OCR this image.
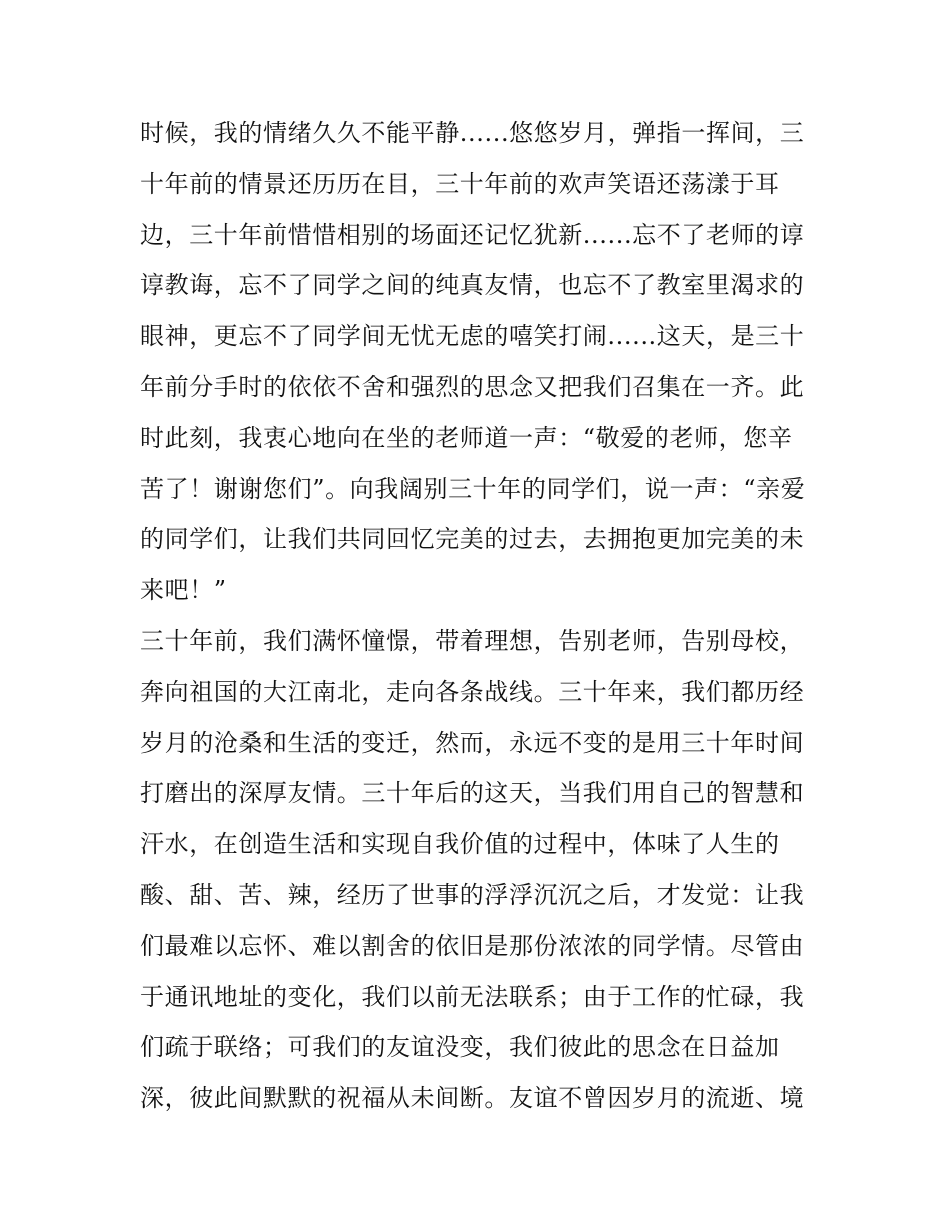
时候，我的情绪久久不能平静......悠悠岁月，弹指一挥间，三
十年前的情景还历历在目，三十年前的欢声笑语还荡漾于耳
边，三十年前惜惜相别的场面还记忆犹新......忘不了老师的谆
谆教诲，忘不了同学之间的纯真友情，也忘不了教室里渴求的
眼神，更忘不了同学间无忧无虑的嘻笑打闹......这天，是三十
年前分手时的依依不舍和强烈的思念又把我们召集在一齐。此
时此刻，我衷心地向在坐的老师道一声：“敬爱的老师，您辛
苦了！谢谢您们”。向我阔别三十年的同学们，说一声：“亲爱
的同学们，让我们共同回忆完美的过去，去拥抱更加完美的未
来吧！”
三十年前，我们满怀憧憬，带着理想，告别老师，告别母校，
奔向祖国的大江南北，走向各条战线。三十年来，我们都历经
岁月的沧桑和生活的变迁，然而，永远不变的是用三十年时间
打磨出的深厚友情。三十年后的这天，当我们用自己的智慧和
汗水，在创造生活和实现自我价值的过程中，体味了人生的
酸、甜、苦、辣，经历了世事的浮浮沉沉之后，才发觉：让我
们最难以忘怀、难以割舍的依旧是那份浓浓的同学情。尽管由
于通讯地址的变化，我们以前无法联系；由于工作的忙碌，我
们疏于联络；可我们的友谊没变，我们彼此的思念在日益加
深，彼此间默默的祝福从未间断。友谊不曾因岁月的流逝、境
